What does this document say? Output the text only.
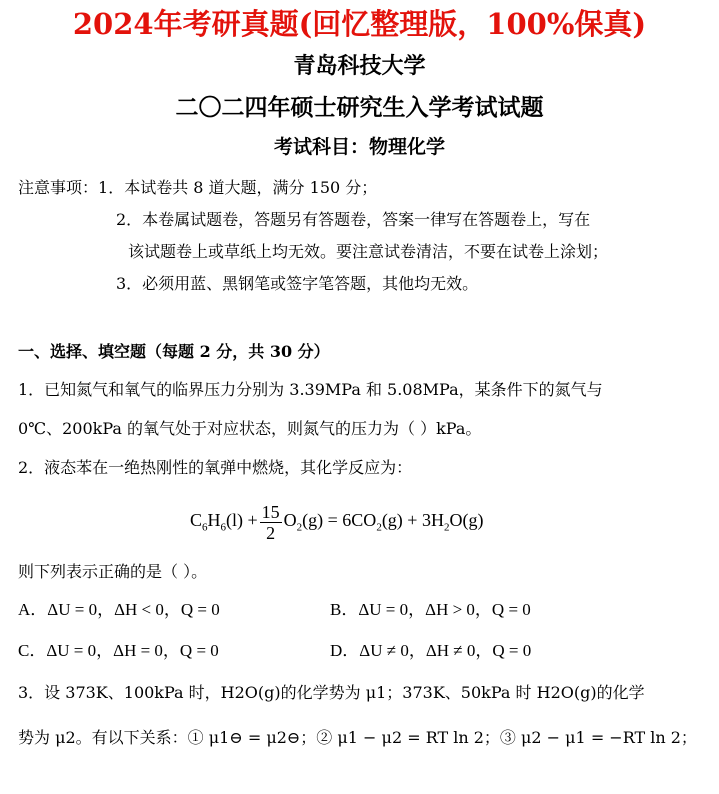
2024年考研真题(回忆整理版，100%保真)
青岛科技大学
二〇二四年硕士研究生入学考试试题
考试科目：物理化学
注意事项：1．本试卷共 8 道大题，满分 150 分；
2．本卷属试题卷，答题另有答题卷，答案一律写在答题卷上，写在
该试题卷上或草纸上均无效。要注意试卷清洁，不要在试卷上涂划；
3．必须用蓝、黑钢笔或签字笔答题，其他均无效。
一、选择、填空题（每题 2 分，共 30 分）
1．已知氮气和氧气的临界压力分别为 3.39MPa 和 5.08MPa，某条件下的氮气与
0℃、200kPa 的氧气处于对应状态，则氮气的压力为（ ）kPa。
2．液态苯在一绝热刚性的氧弹中燃烧，其化学反应为：
$C_6H_6(l) + \frac{15}{2} O_2(g) = 6CO_2(g) + 3H_2O(g)$
则下列表示正确的是（ ）。
A．ΔU = 0，ΔH < 0，Q = 0	B．ΔU = 0，ΔH > 0，Q = 0
C．ΔU = 0，ΔH = 0，Q = 0	D．ΔU ≠ 0，ΔH ≠ 0，Q = 0
3．设 373K、100kPa 时，H2O(g)的化学势为 μ1；373K、50kPa 时 H2O(g)的化学
势为 μ2。有以下关系：① μ1⊖ = μ2⊖；② μ1 − μ2 = RT ln 2；③ μ2 − μ1 = −RT ln 2；
